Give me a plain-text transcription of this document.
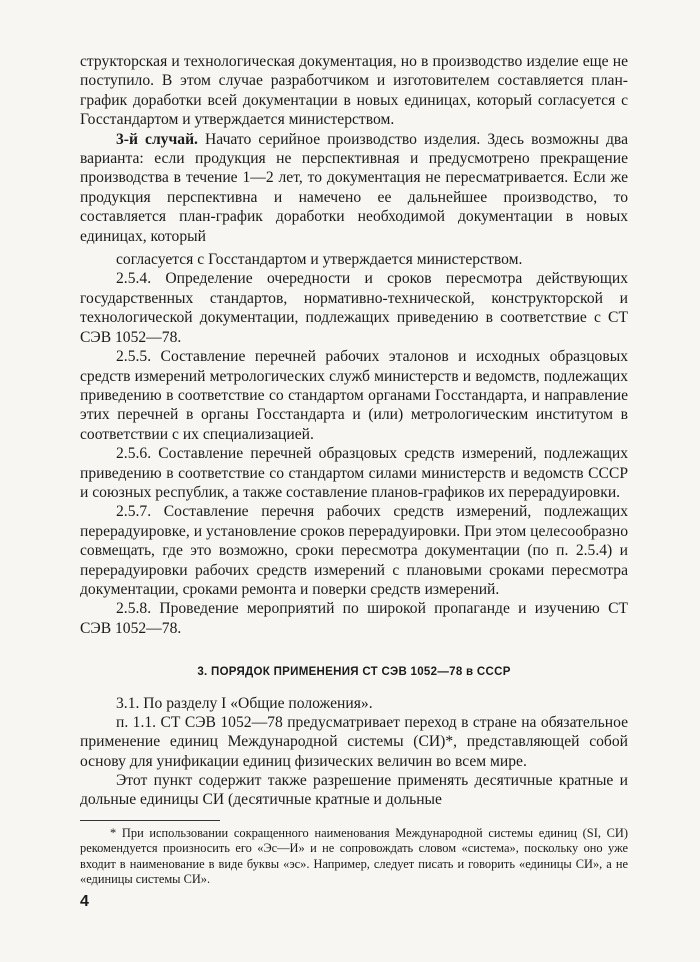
структорская и технологическая документация, но в производство изделие еще не поступило. В этом случае разработчиком и изготовителем составляется план-график доработки всей документации в новых единицах, который согласуется с Госстандартом и утверждается министерством.

3-й случай. Начато серийное производство изделия. Здесь возможны два варианта: если продукция не перспективная и предусмотрено прекращение производства в течение 1—2 лет, то документация не пересматривается. Если же продукция перспективна и намечено ее дальнейшее производство, то составляется план-график доработки необходимой документации в новых единицах, который

согласуется с Госстандартом и утверждается министерством.

2.5.4. Определение очередности и сроков пересмотра действующих государственных стандартов, нормативно-технической, конструкторской и технологической документации, подлежащих приведению в соответствие с СТ СЭВ 1052—78.

2.5.5. Составление перечней рабочих эталонов и исходных образцовых средств измерений метрологических служб министерств и ведомств, подлежащих приведению в соответствие со стандартом органами Госстандарта, и направление этих перечней в органы Госстандарта и (или) метрологическим институтом в соответствии с их специализацией.

2.5.6. Составление перечней образцовых средств измерений, подлежащих приведению в соответствие со стандартом силами министерств и ведомств СССР и союзных республик, а также составление планов-графиков их перерадуировки.

2.5.7. Составление перечня рабочих средств измерений, подлежащих перерадуировке, и установление сроков перерадуировки. При этом целесообразно совмещать, где это возможно, сроки пересмотра документации (по п. 2.5.4) и перерадуировки рабочих средств измерений с плановыми сроками пересмотра документации, сроками ремонта и поверки средств измерений.

2.5.8. Проведение мероприятий по широкой пропаганде и изучению СТ СЭВ 1052—78.

3. ПОРЯДОК ПРИМЕНЕНИЯ СТ СЭВ 1052—78 в СССР

3.1. По разделу I «Общие положения».

п. 1.1. СТ СЭВ 1052—78 предусматривает переход в стране на обязательное применение единиц Международной системы (СИ)*, представляющей собой основу для унификации единиц физических величин во всем мире.

Этот пункт содержит также разрешение применять десятичные кратные и дольные единицы СИ (десятичные кратные и дольные

* При использовании сокращенного наименования Международной системы единиц (SI, СИ) рекомендуется произносить его «Эс—И» и не сопровождать словом «система», поскольку оно уже входит в наименование в виде буквы «эс». Например, следует писать и говорить «единицы СИ», а не «единицы системы СИ».

4
